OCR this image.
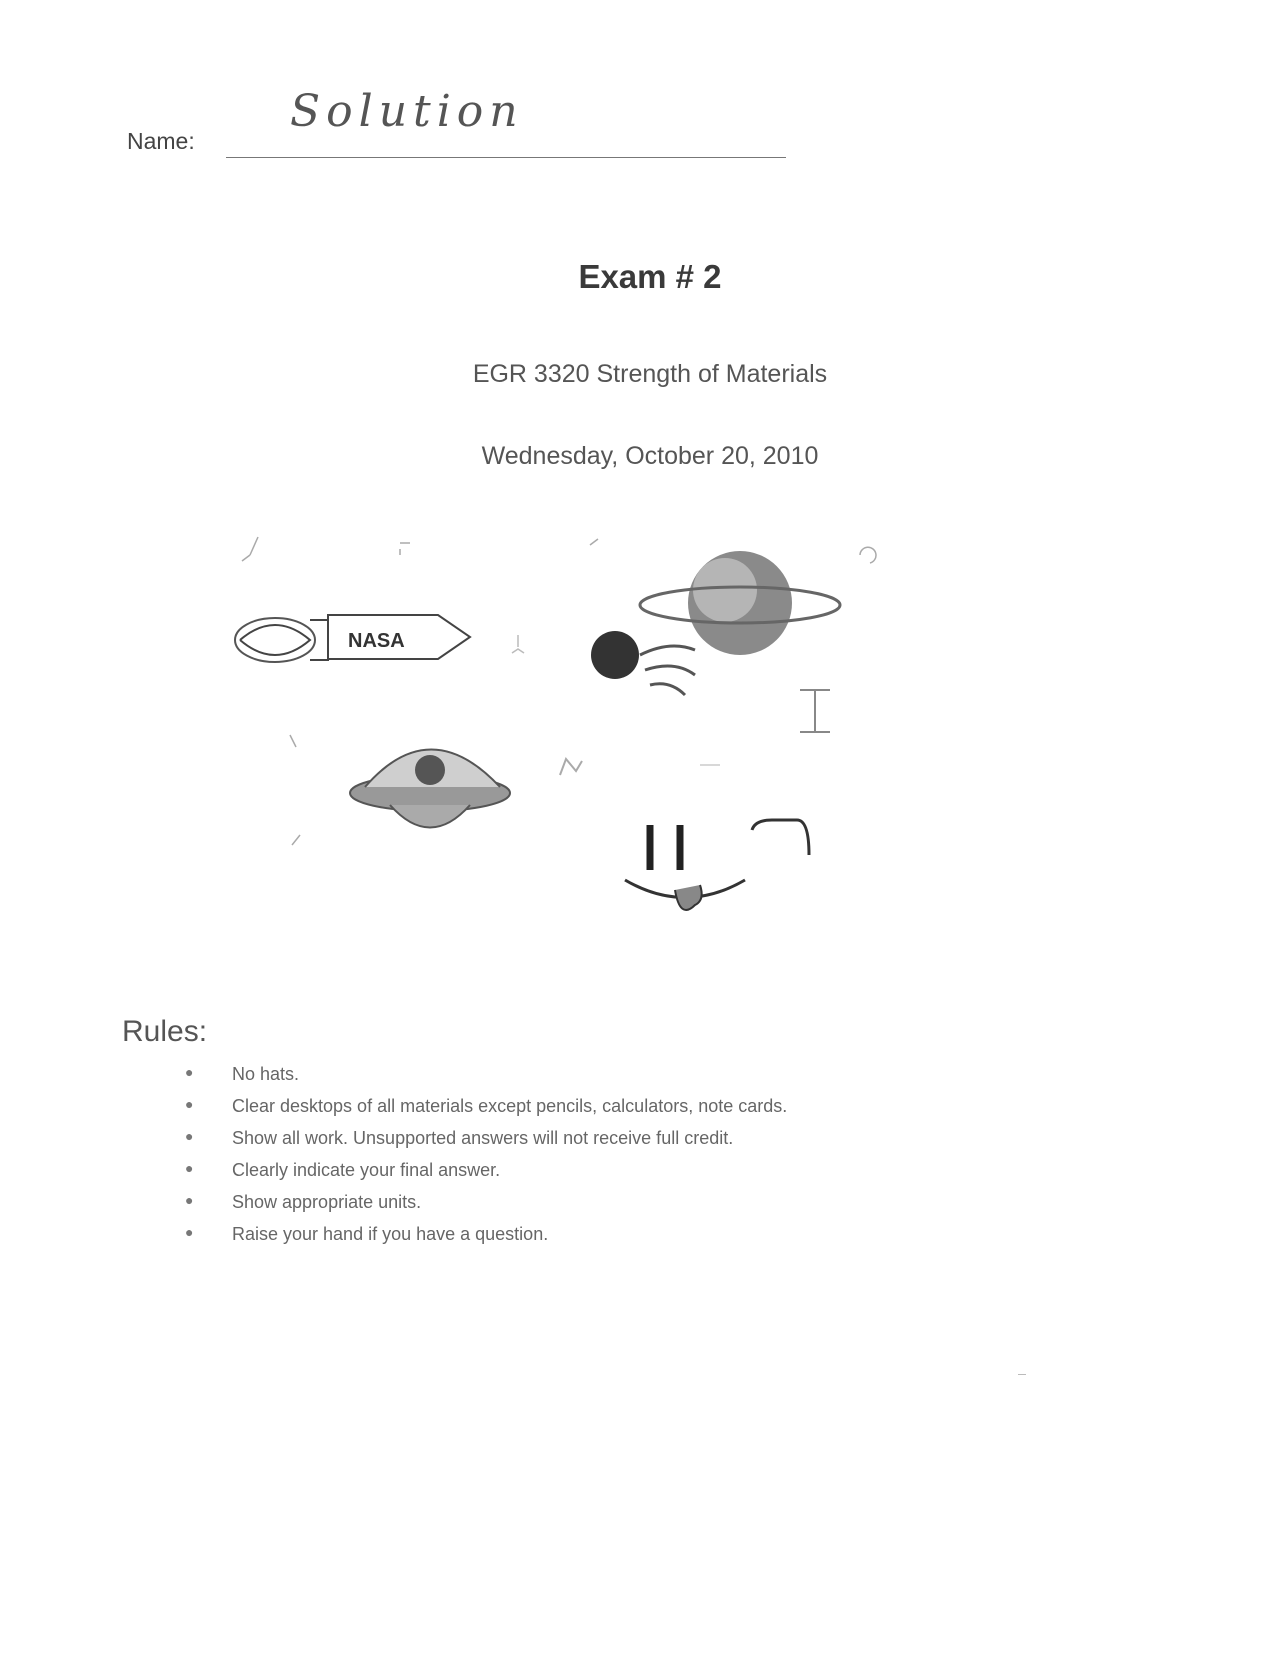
Name:
Solution
Exam # 2
EGR 3320 Strength of Materials
Wednesday, October 20, 2010
NASA
Rules:
● No hats.
● Clear desktops of all materials except pencils, calculators, note cards.
● Show all work. Unsupported answers will not receive full credit.
● Clearly indicate your final answer.
● Show appropriate units.
● Raise your hand if you have a question.
